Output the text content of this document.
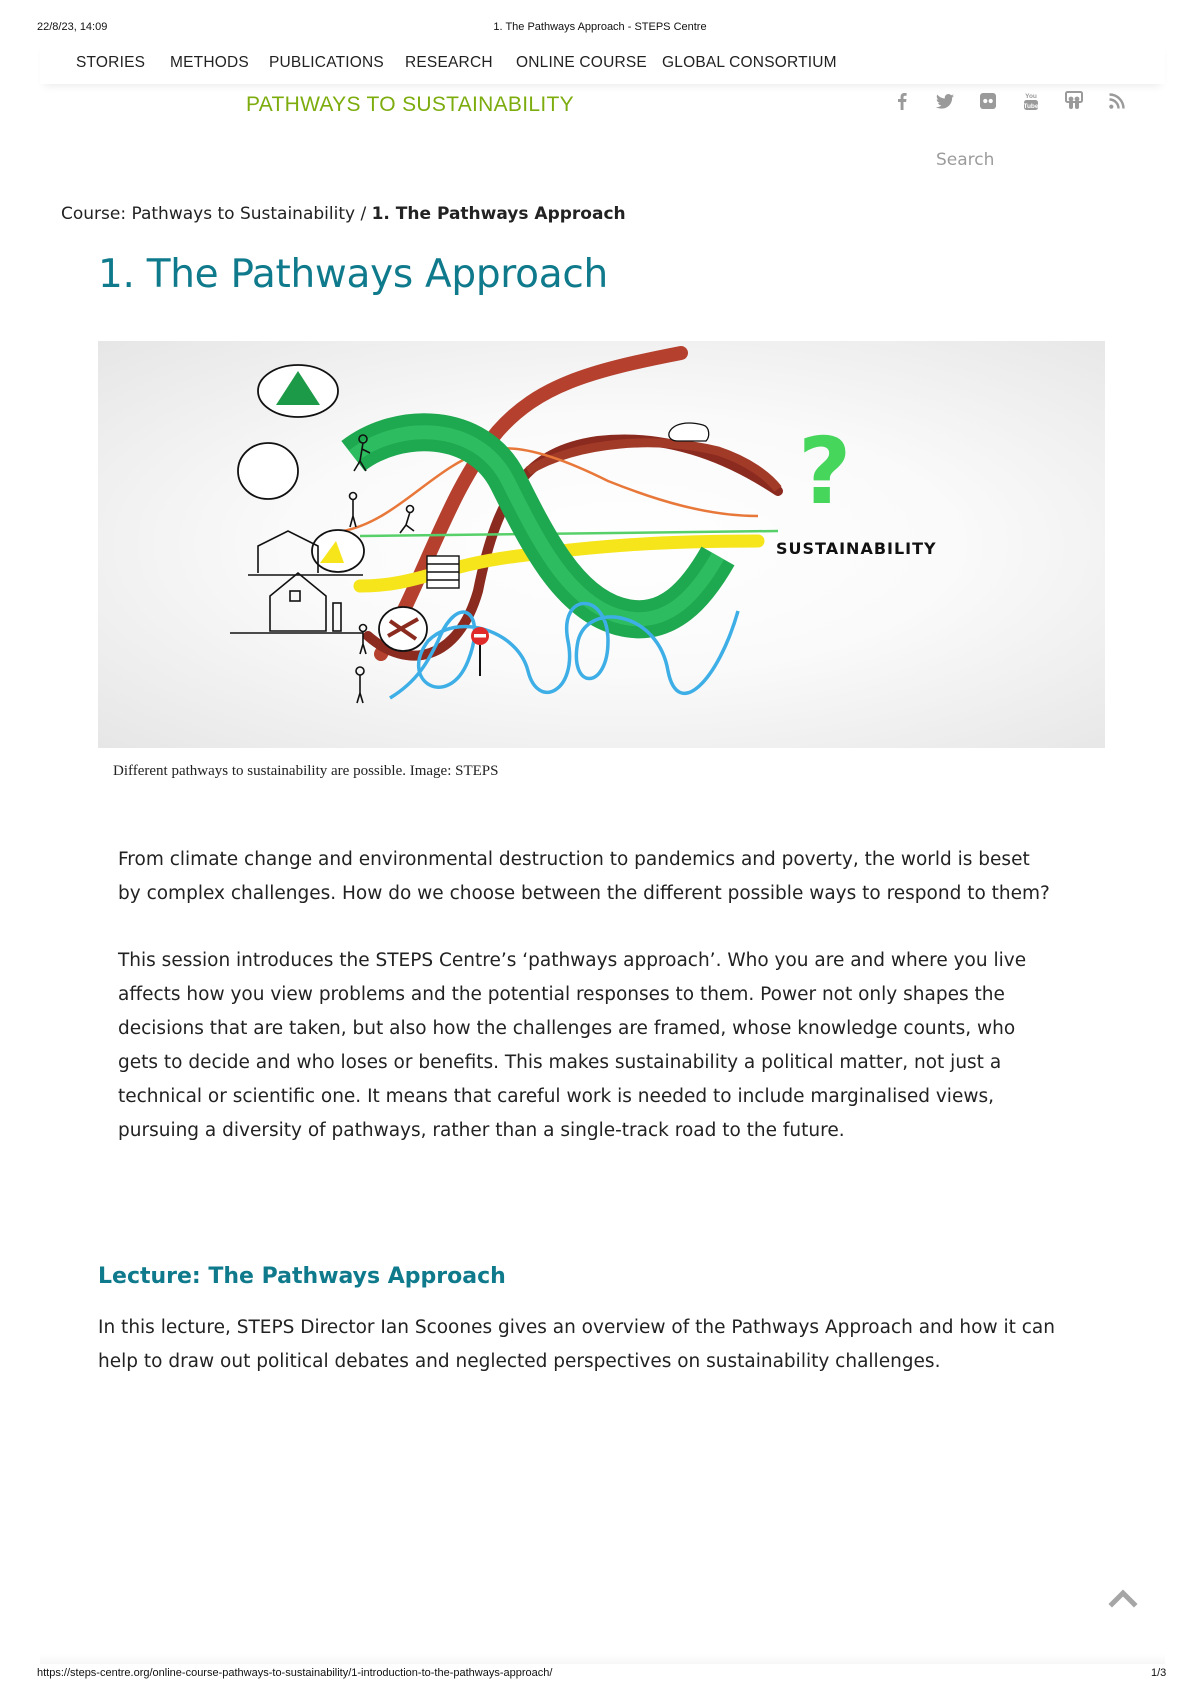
22/8/23, 14:09	1. The Pathways Approach - STEPS Centre
STORIES METHODS PUBLICATIONS RESEARCH ONLINE COURSE GLOBAL CONSORTIUM
PATHWAYS TO SUSTAINABILITY	You
Tube
Search
Course: Pathways to Sustainability / 1. The Pathways Approach
1. The Pathways Approach
?
SUSTAINABILITY
Different pathways to sustainability are possible. Image: STEPS
From climate change and environmental destruction to pandemics and poverty, the world is beset
by complex challenges. How do we choose between the different possible ways to respond to them?
This session introduces the STEPS Centre’s ‘pathways approach’. Who you are and where you live
affects how you view problems and the potential responses to them. Power not only shapes the
decisions that are taken, but also how the challenges are framed, whose knowledge counts, who
gets to decide and who loses or benefits. This makes sustainability a political matter, not just a
technical or scientific one. It means that careful work is needed to include marginalised views,
pursuing a diversity of pathways, rather than a single-track road to the future.
Lecture: The Pathways Approach
In this lecture, STEPS Director Ian Scoones gives an overview of the Pathways Approach and how it can
help to draw out political debates and neglected perspectives on sustainability challenges.
https://steps-centre.org/online-course-pathways-to-sustainability/1-introduction-to-the-pathways-approach/	1/3
